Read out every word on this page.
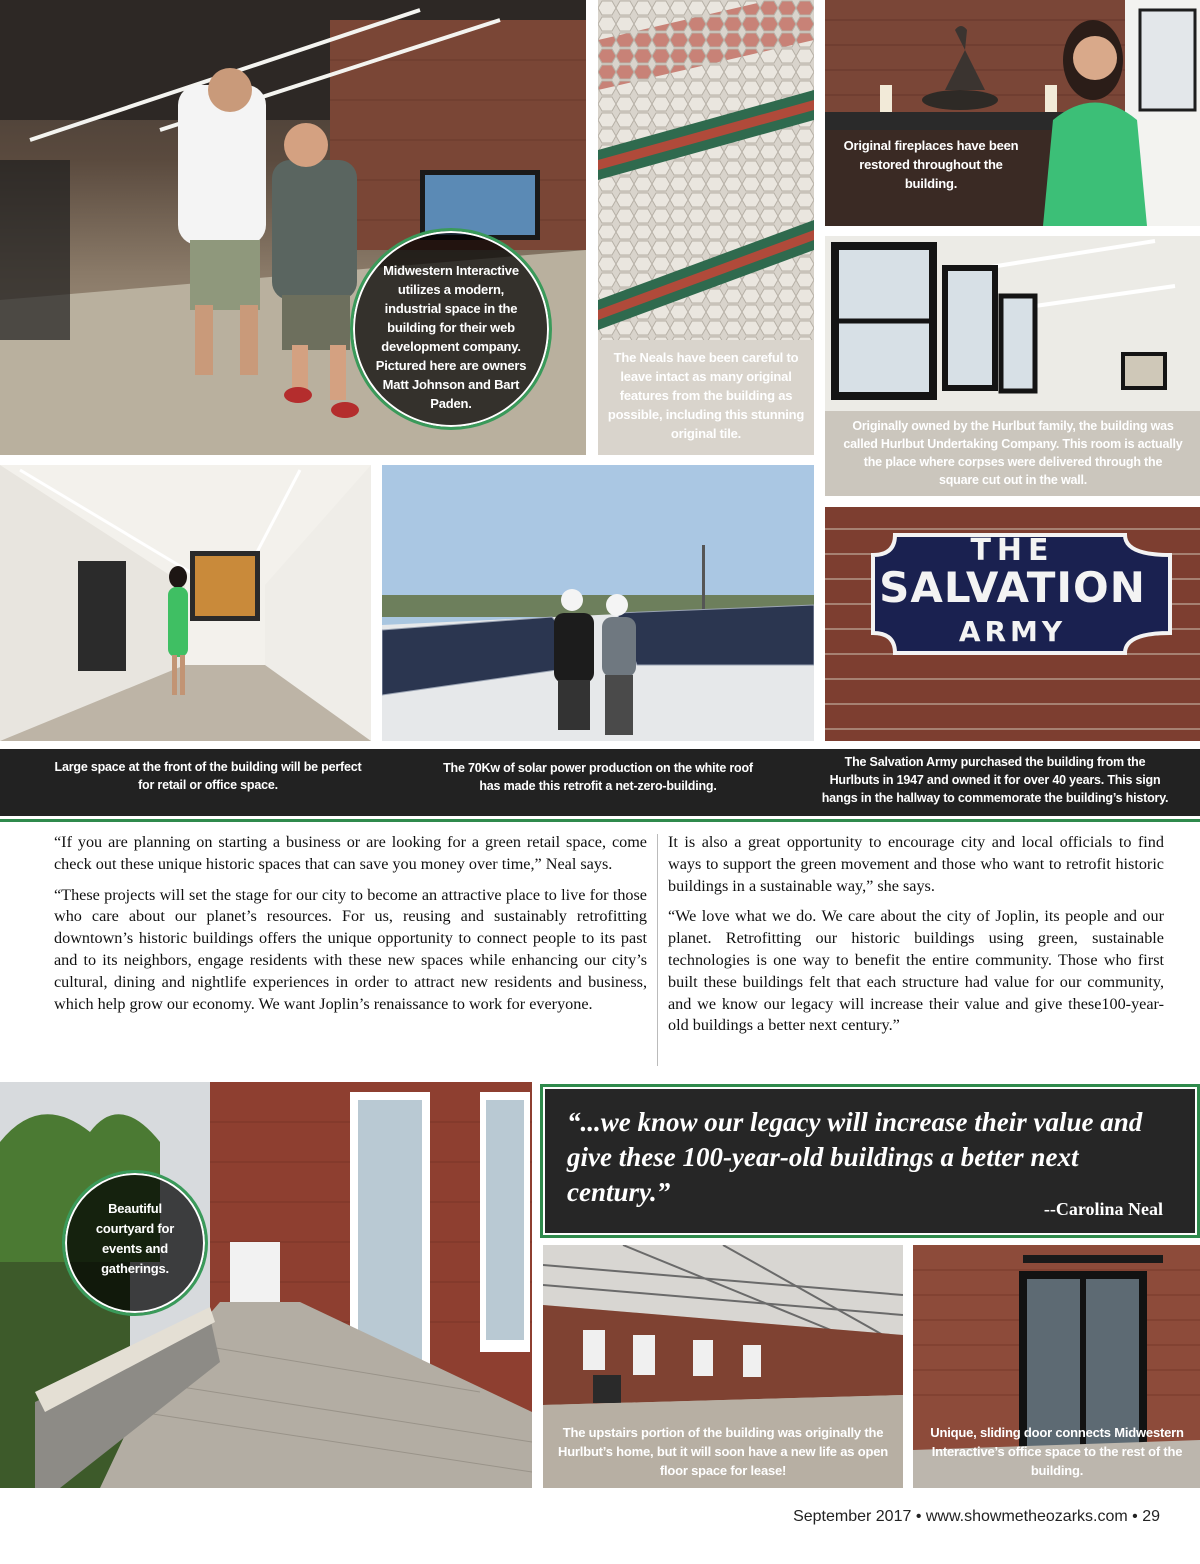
Midwestern Interactive utilizes a modern, industrial space in the building for their web development company. Pictured here are owners Matt Johnson and Bart Paden.
The Neals have been careful to leave intact as many original features from the building as possible, including this stunning original tile.
Original fireplaces have been restored throughout the building.
Originally owned by the Hurlbut family, the building was called Hurlbut Undertaking Company. This room is actually the place where corpses were delivered through the square cut out in the wall.
THE
SALVATION
ARMY
Large space at the front of the building will be perfect for retail or office space.
The 70Kw of solar power production on the white roof has made this retrofit a net-zero-building.
The Salvation Army purchased the building from the Hurlbuts in 1947 and owned it for over 40 years. This sign hangs in the hallway to commemorate the building’s history.

“If you are planning on starting a business or are looking for a green retail space, come check out these unique historic spaces that can save you money over time,” Neal says.

“These projects will set the stage for our city to become an attractive place to live for those who care about our planet’s resources. For us, reusing and sustainably retrofitting downtown’s historic buildings offers the unique opportunity to connect people to its past and to its neighbors, engage residents with these new spaces while enhancing our city’s cultural, dining and nightlife experiences in order to attract new residents and business, which help grow our economy. We want Joplin’s renaissance to work for everyone.

It is also a great opportunity to encourage city and local officials to find ways to support the green movement and those who want to retrofit historic buildings in a sustainable way,” she says.

“We love what we do. We care about the city of Joplin, its people and our planet. Retrofitting our historic buildings using green, sustainable technologies is one way to benefit the entire community. Those who first built these buildings felt that each structure had value for our community, and we know our legacy will increase their value and give these100-year-old buildings a better next century.”

Beautiful courtyard for events and gatherings.
“...we know our legacy will increase their value and give these 100-year-old buildings a better next century.”
--Carolina Neal
The upstairs portion of the building was originally the Hurlbut’s home, but it will soon have a new life as open floor space for lease!
Unique, sliding door connects Midwestern Interactive’s office space to the rest of the building.
September 2017 • www.showmetheozarks.com • 29
